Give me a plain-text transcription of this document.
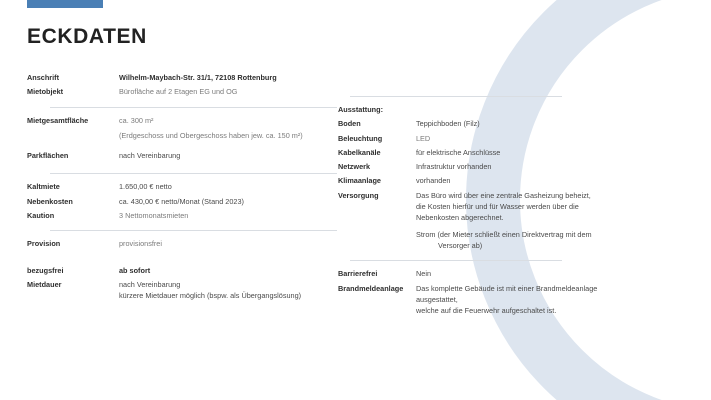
ECKDATEN
Anschrift	Wilhelm-Maybach-Str. 31/1, 72108 Rottenburg
Mietobjekt	Bürofläche auf 2 Etagen EG und OG
Mietgesamtfläche	ca. 300 m²
(Erdgeschoss und Obergeschoss haben jew. ca. 150 m²)
Parkflächen	nach Vereinbarung
Kaltmiete	1.650,00 € netto
Nebenkosten	ca. 430,00 € netto/Monat (Stand 2023)
Kaution	3 Nettomonatsmieten
Provision	provisionsfrei
bezugsfrei	ab sofort
Mietdauer	nach Vereinbarung
kürzere Mietdauer möglich (bspw. als Übergangslösung)
Ausstattung:
Boden	Teppichboden (Filz)
Beleuchtung	LED
Kabelkanäle	für elektrische Anschlüsse
Netzwerk	Infrastruktur vorhanden
Klimaanlage	vorhanden
Versorgung	Das Büro wird über eine zentrale Gasheizung beheizt, die Kosten hierfür und für Wasser werden über die Nebenkosten abgerechnet.
Strom (der Mieter schließt einen Direktvertrag mit dem
Versorger ab)
Barrierefrei	Nein
Brandmeldeanlage	Das komplette Gebäude ist mit einer Brandmeldeanlage ausgestattet,
welche auf die Feuerwehr aufgeschaltet ist.
